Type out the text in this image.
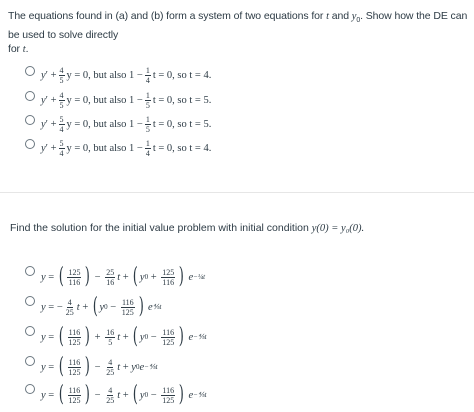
The equations found in (a) and (b) form a system of two equations for t and $y_0$. Show how the DE can be used to solve directly
for t.
y ′ + $\frac{4}{5}$ y = 0, but also $1 - \frac{1}{4}$ t = 0, so t = 4.
y ′ + $\frac{4}{5}$ y = 0, but also $1 - \frac{1}{5}$ t = 0, so t = 5.
y ′ + $\frac{5}{4}$ y = 0, but also $1 - \frac{1}{5}$ t = 0, so t = 5.
y ′ + $\frac{5}{4}$ y = 0, but also $1 - \frac{1}{4}$ t = 0, so t = 4.
Find the solution for the initial value problem with initial condition y(0) = y₀(0).
y = ( $\frac{125}{116}$ ) − $\frac{25}{16}$ t + ( y $0 + \frac{125}{116}$ )
e −¼t
y = − $\frac{4}{25}$ t + ( y $0 - \frac{116}{125}$ )
e ⅘t
y = ( $\frac{116}{125}$ ) + $\frac{16}{5}$ t + ( y $0 - \frac{116}{125}$ )
e −⅘t
y = ( $\frac{116}{125}$ ) − $\frac{4}{25}$ t + y 0 e −⅘t
y = ( $\frac{116}{125}$ ) − $\frac{4}{25}$ t + ( y $0 - \frac{116}{125}$ )
e −⅘t
